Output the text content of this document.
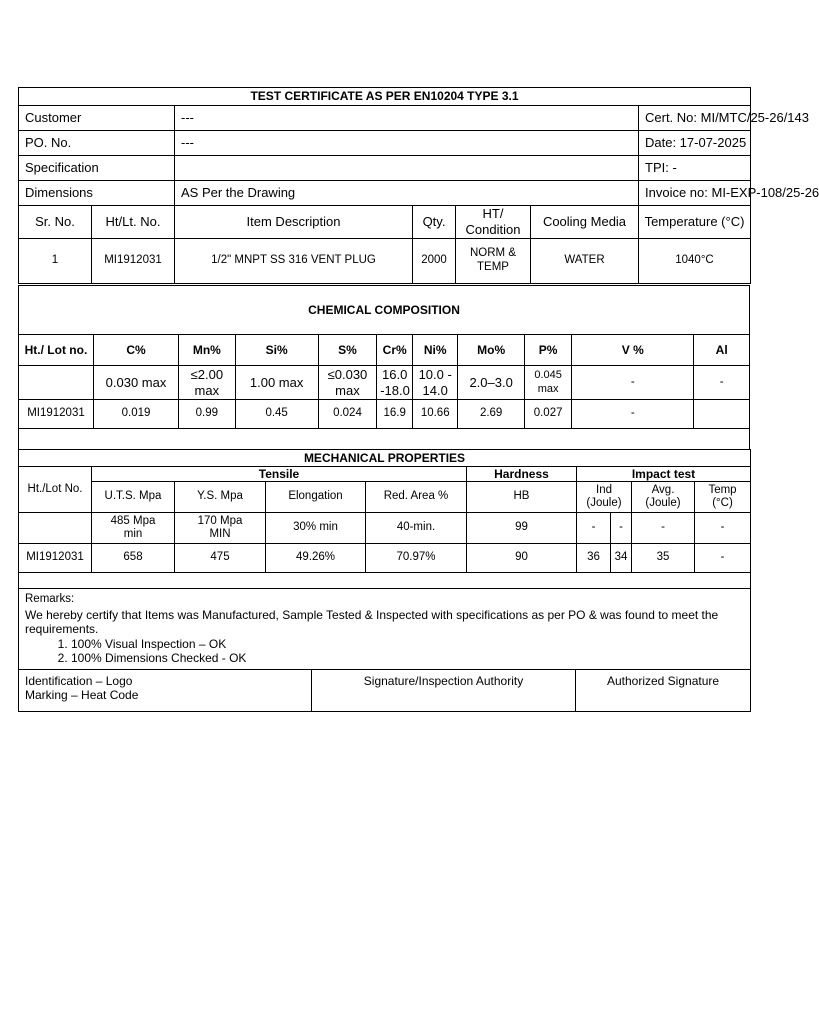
TEST CERTIFICATE AS PER EN10204 TYPE 3.1						
Customer		---				Cert. No: MI/MTC/25-26/143
PO. No.		---				Date: 17-07-2025
Specification						TPI: -
Dimensions		AS Per the Drawing				Invoice no: MI-EXP-108/25-26
Sr. No.	Ht/Lt. No.	Item Description	Qty.	HT/ Condition	Cooling Media	Temperature (°C)
1	MI1912031	1/2" MNPT SS 316 VENT PLUG	2000	NORM & TEMP	WATER	1040°C
CHEMICAL COMPOSITION										
Ht./ Lot no.	C%	Mn%	Si%	S%	Cr%	Ni%	Mo%	P%	V %	Al
	0.030 max	≤2.00 max	1.00 max	≤0.030 max	16.0 -18.0	10.0 - 14.0	2.0–3.0	0.045 max	-	-
MI1912031	0.019	0.99	0.45	0.024	16.9	10.66	2.69	0.027	-	

MECHANICAL PROPERTIES									
Ht./Lot No.	Tensile				Hardness	Impact test			
	U.T.S. Mpa	Y.S. Mpa	Elongation	Red. Area %	HB	Ind (Joule)		Avg. (Joule)	Temp (°C)
	485 Mpa min	170 Mpa MIN	30% min	40-min.	99	-	-	-	-
MI1912031	658	475	49.26%	70.97%	90	36	34	35	-

Remarks:
We hereby certify that Items was Manufactured, Sample Tested & Inspected with specifications as per PO & was found to meet the requirements.
1. 100% Visual Inspection – OK
2. 100% Dimensions Checked - OK

Identification – Logo
Marking – Heat Code
	Signature/Inspection Authority	Authorized Signature
